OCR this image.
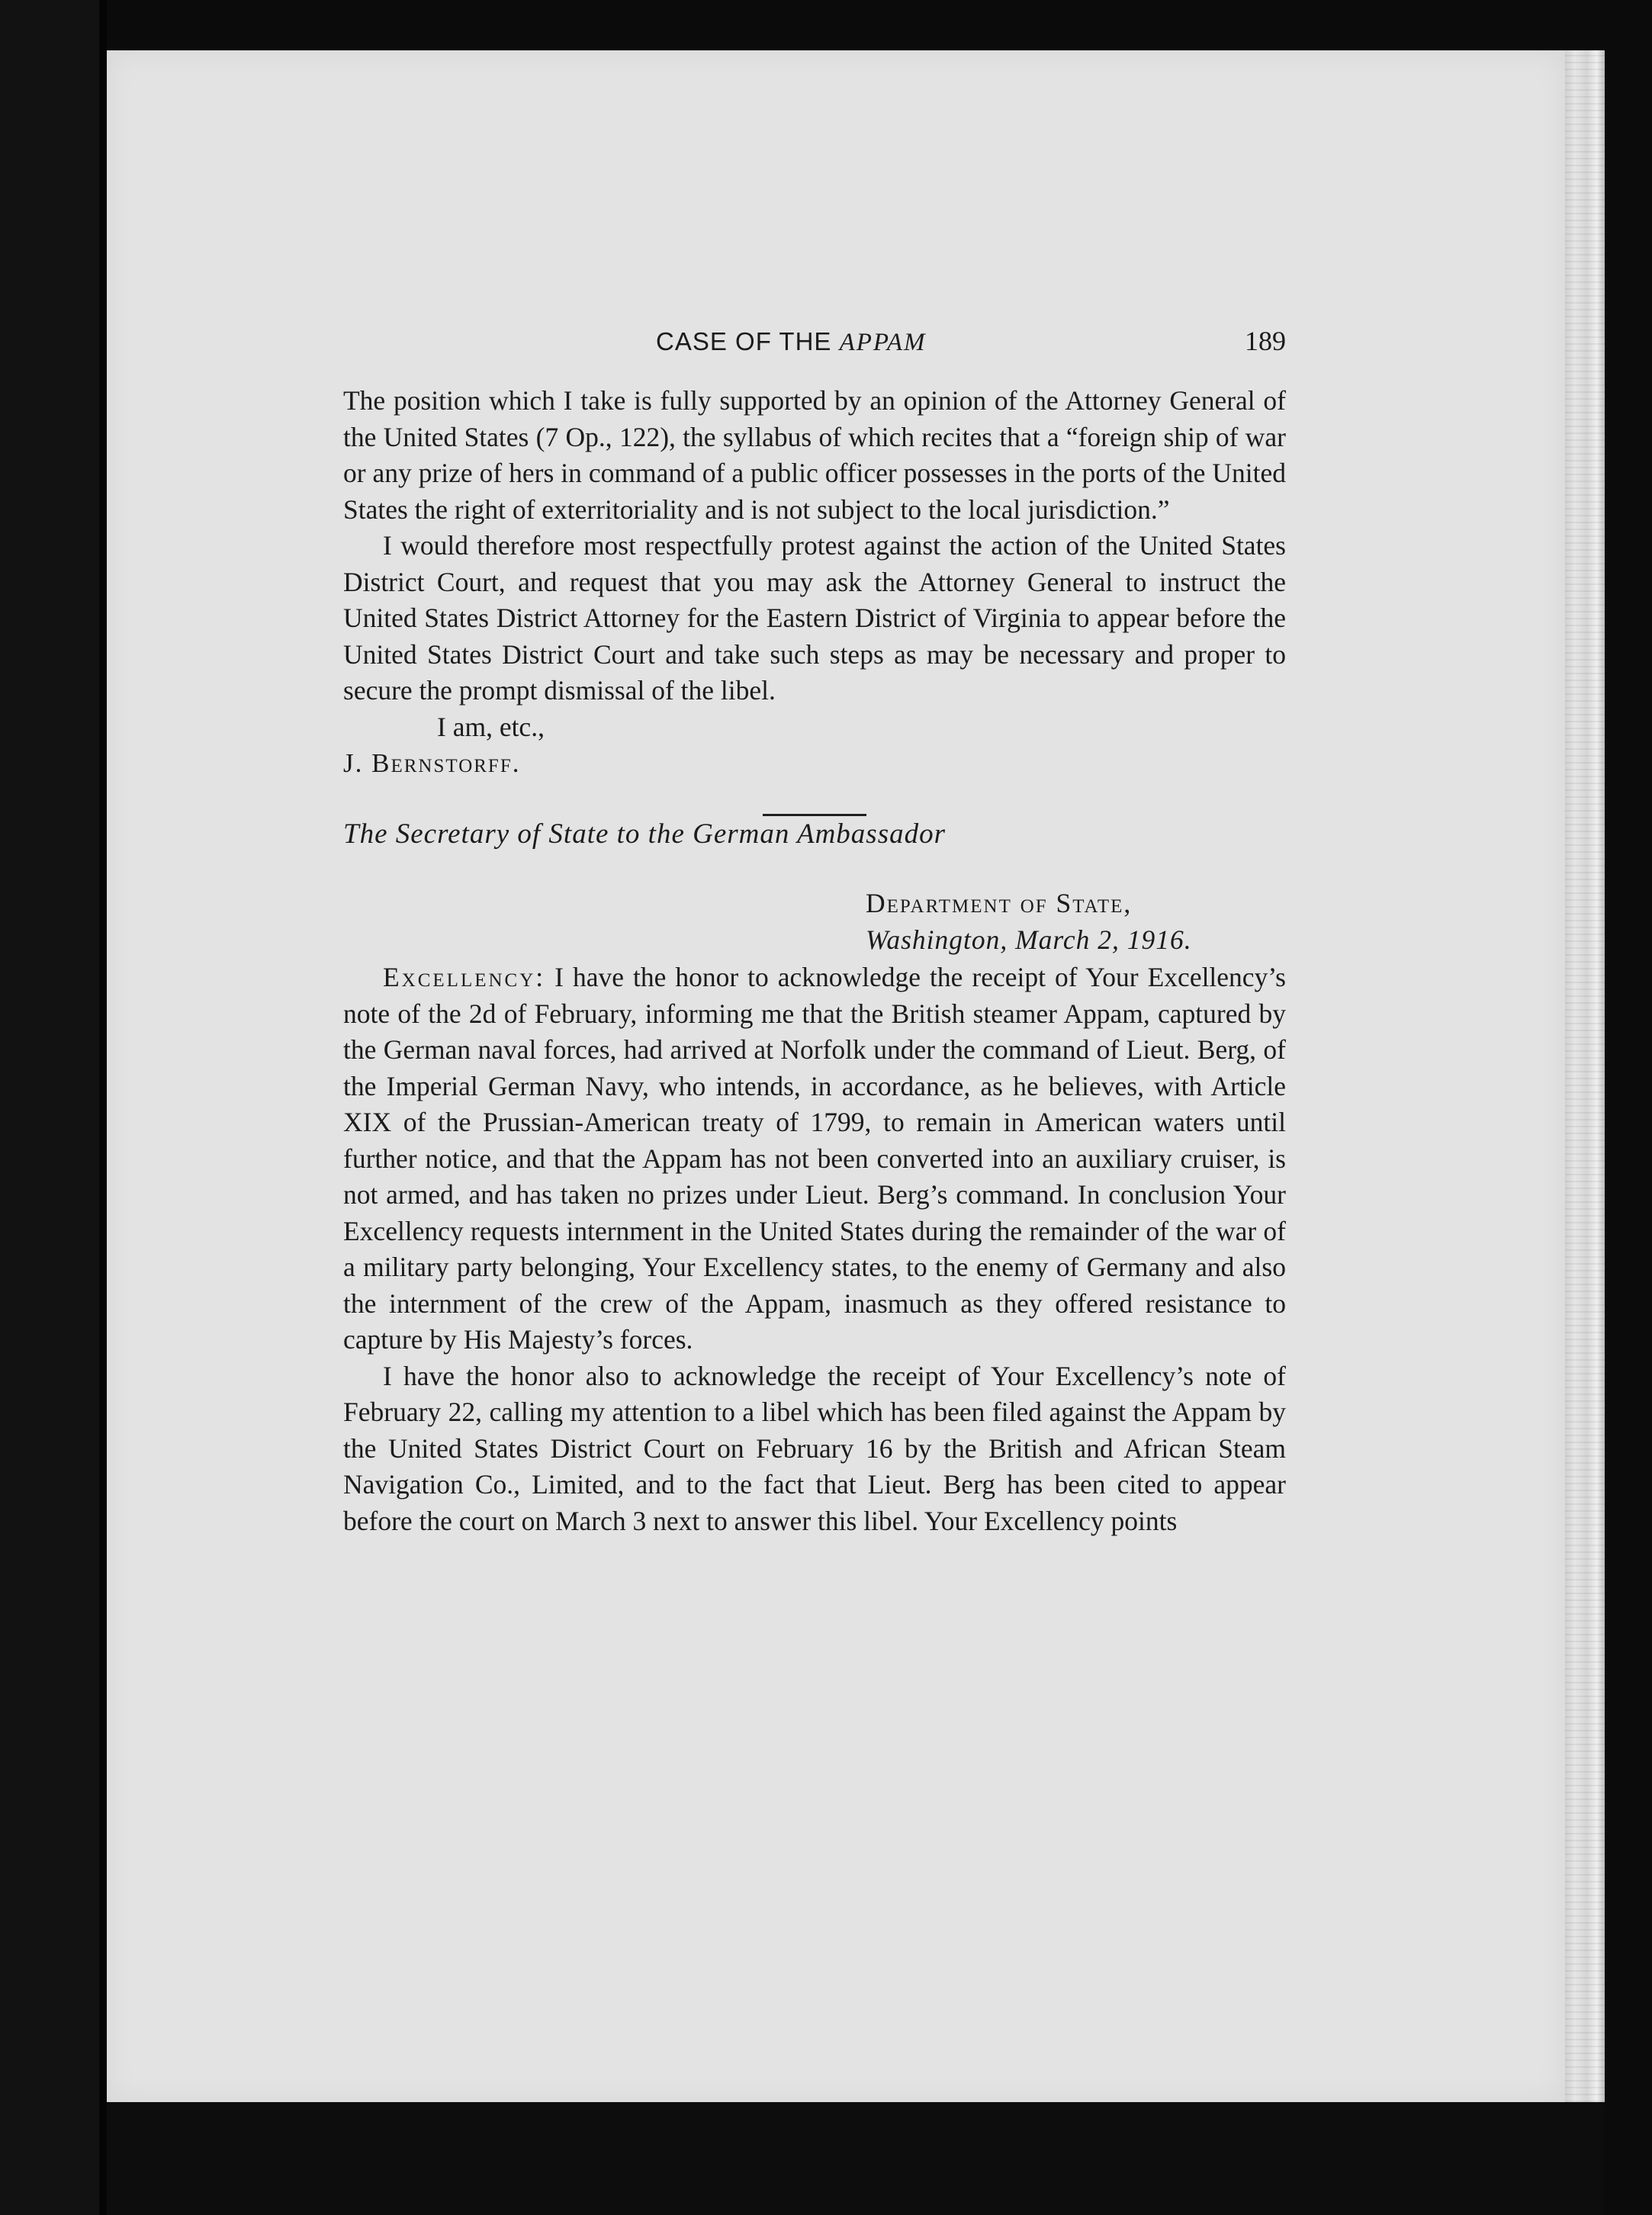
CASE OF THE APPAM	189

The position which I take is fully supported by an opinion of the Attorney General of the United States (7 Op., 122), the syllabus of which recites that a “foreign ship of war or any prize of hers in command of a public officer possesses in the ports of the United States the right of exterritoriality and is not subject to the local jurisdiction.”

I would therefore most respectfully protest against the action of the United States District Court, and request that you may ask the Attorney General to instruct the United States District Attorney for the Eastern District of Virginia to appear before the United States District Court and take such steps as may be necessary and proper to secure the prompt dismissal of the libel.

I am, etc.,

J. Bernstorff.

The Secretary of State to the German Ambassador

Department of State,
Washington, March 2, 1916.

Excellency: I have the honor to acknowledge the receipt of Your Excellency’s note of the 2d of February, informing me that the British steamer Appam, captured by the German naval forces, had arrived at Norfolk under the command of Lieut. Berg, of the Imperial German Navy, who intends, in accordance, as he believes, with Article XIX of the Prussian-American treaty of 1799, to remain in American waters until further notice, and that the Appam has not been converted into an auxiliary cruiser, is not armed, and has taken no prizes under Lieut. Berg’s command. In conclusion Your Excellency requests internment in the United States during the remainder of the war of a military party belonging, Your Excellency states, to the enemy of Germany and also the internment of the crew of the Appam, inasmuch as they offered resistance to capture by His Majesty’s forces.

I have the honor also to acknowledge the receipt of Your Excellency’s note of February 22, calling my attention to a libel which has been filed against the Appam by the United States District Court on February 16 by the British and African Steam Navigation Co., Limited, and to the fact that Lieut. Berg has been cited to appear before the court on March 3 next to answer this libel. Your Excellency points
